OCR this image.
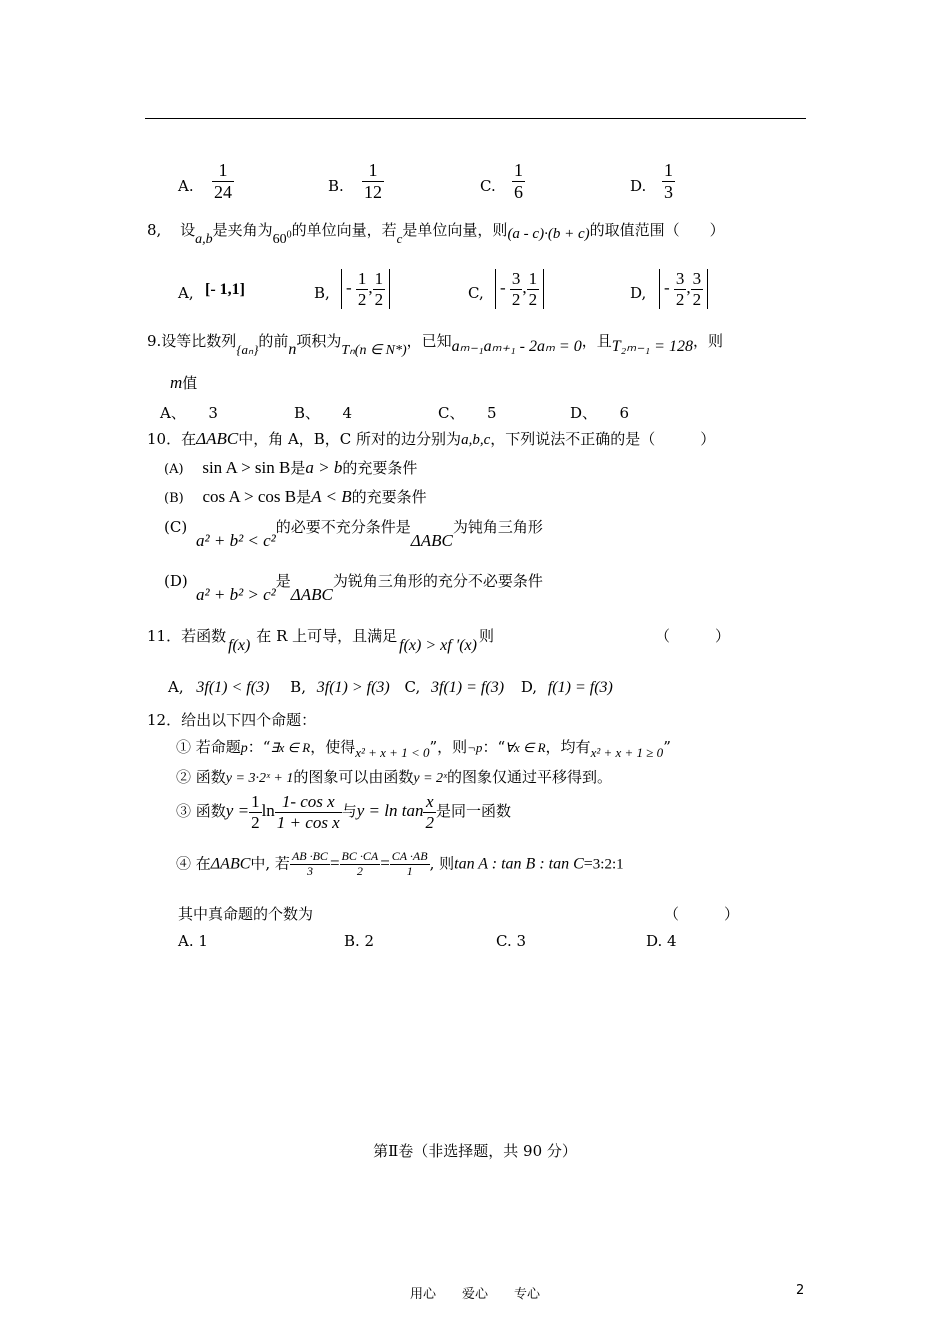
A. $\frac{1}{24}$	B. $\frac{1}{12}$	C. $\frac{1}{6}$	D. $\frac{1}{3}$
8, 设a,b是夹角为$60^0$的单位向量，若c是单位向量，则(a - c)·(b + c)的取值范围（　　）
A, [- 1,1]	B, - $\frac{1}{2}$ , $\frac{1}{2}$	C, - $\frac{3}{2}$ , $\frac{1}{2}$	D, - $\frac{3}{2}$ , $\frac{3}{2}$
9.设等比数列{aₙ}的前n项积为Tₙ(n ∈ N*)，已知aₘ₋₁aₘ₊₁ - 2aₘ = 0，且T₂ₘ₋₁ = 128，则
m值
A、　　3	B、　　4	C、　　5	D、　　6
10．在ΔABC中，角 A，B，C 所对的边分别为a,b,c，下列说法不正确的是（　　　）
(A) sin A > sin B是a > b的充要条件
(B) cos A > cos B是A < B的充要条件
(C)
a² + b² < c²的必要不充分条件是ΔABC为钝角三角形
(D)
a² + b² > c²是ΔABC为锐角三角形的充分不必要条件
11．若函数f(x)在 R 上可导，且满足f(x) > xf ′(x)则	（　　　）
A, 3f(1) < f(3) B, 3f(1) > f(3) C, 3f(1) = f(3) D, f(1) = f(3)
12．给出以下四个命题：
① 若命题p：“∃x ∈ R，使得x² + x + 1 < 0”，则¬p：“∀x ∈ R，均有x² + x + 1 ≥ 0”
② 函数y = 3·2ˣ + 1的图象可以由函数y = 2ˣ的图象仅通过平移得到。
③ 函数$y = \frac{1}{2}$ $\ln \frac{\text{1- cos x}}{\text{1 + cos x}}$ 与$y = \ln \tan \frac{x}{2}$ 是同一函数
④ 在ΔABC中, 若 $\frac{AB \cdot BC}{3} = \frac{BC \cdot CA}{2} = \frac{CA \cdot AB}{1}$ , 则tan A : tan B : tan C=3:2:1
其中真命题的个数为	（　　　）
A. 1	B. 2	C. 3	D. 4
第Ⅱ卷（非选择题，共 90 分）
用心　　爱心　　专心	2
